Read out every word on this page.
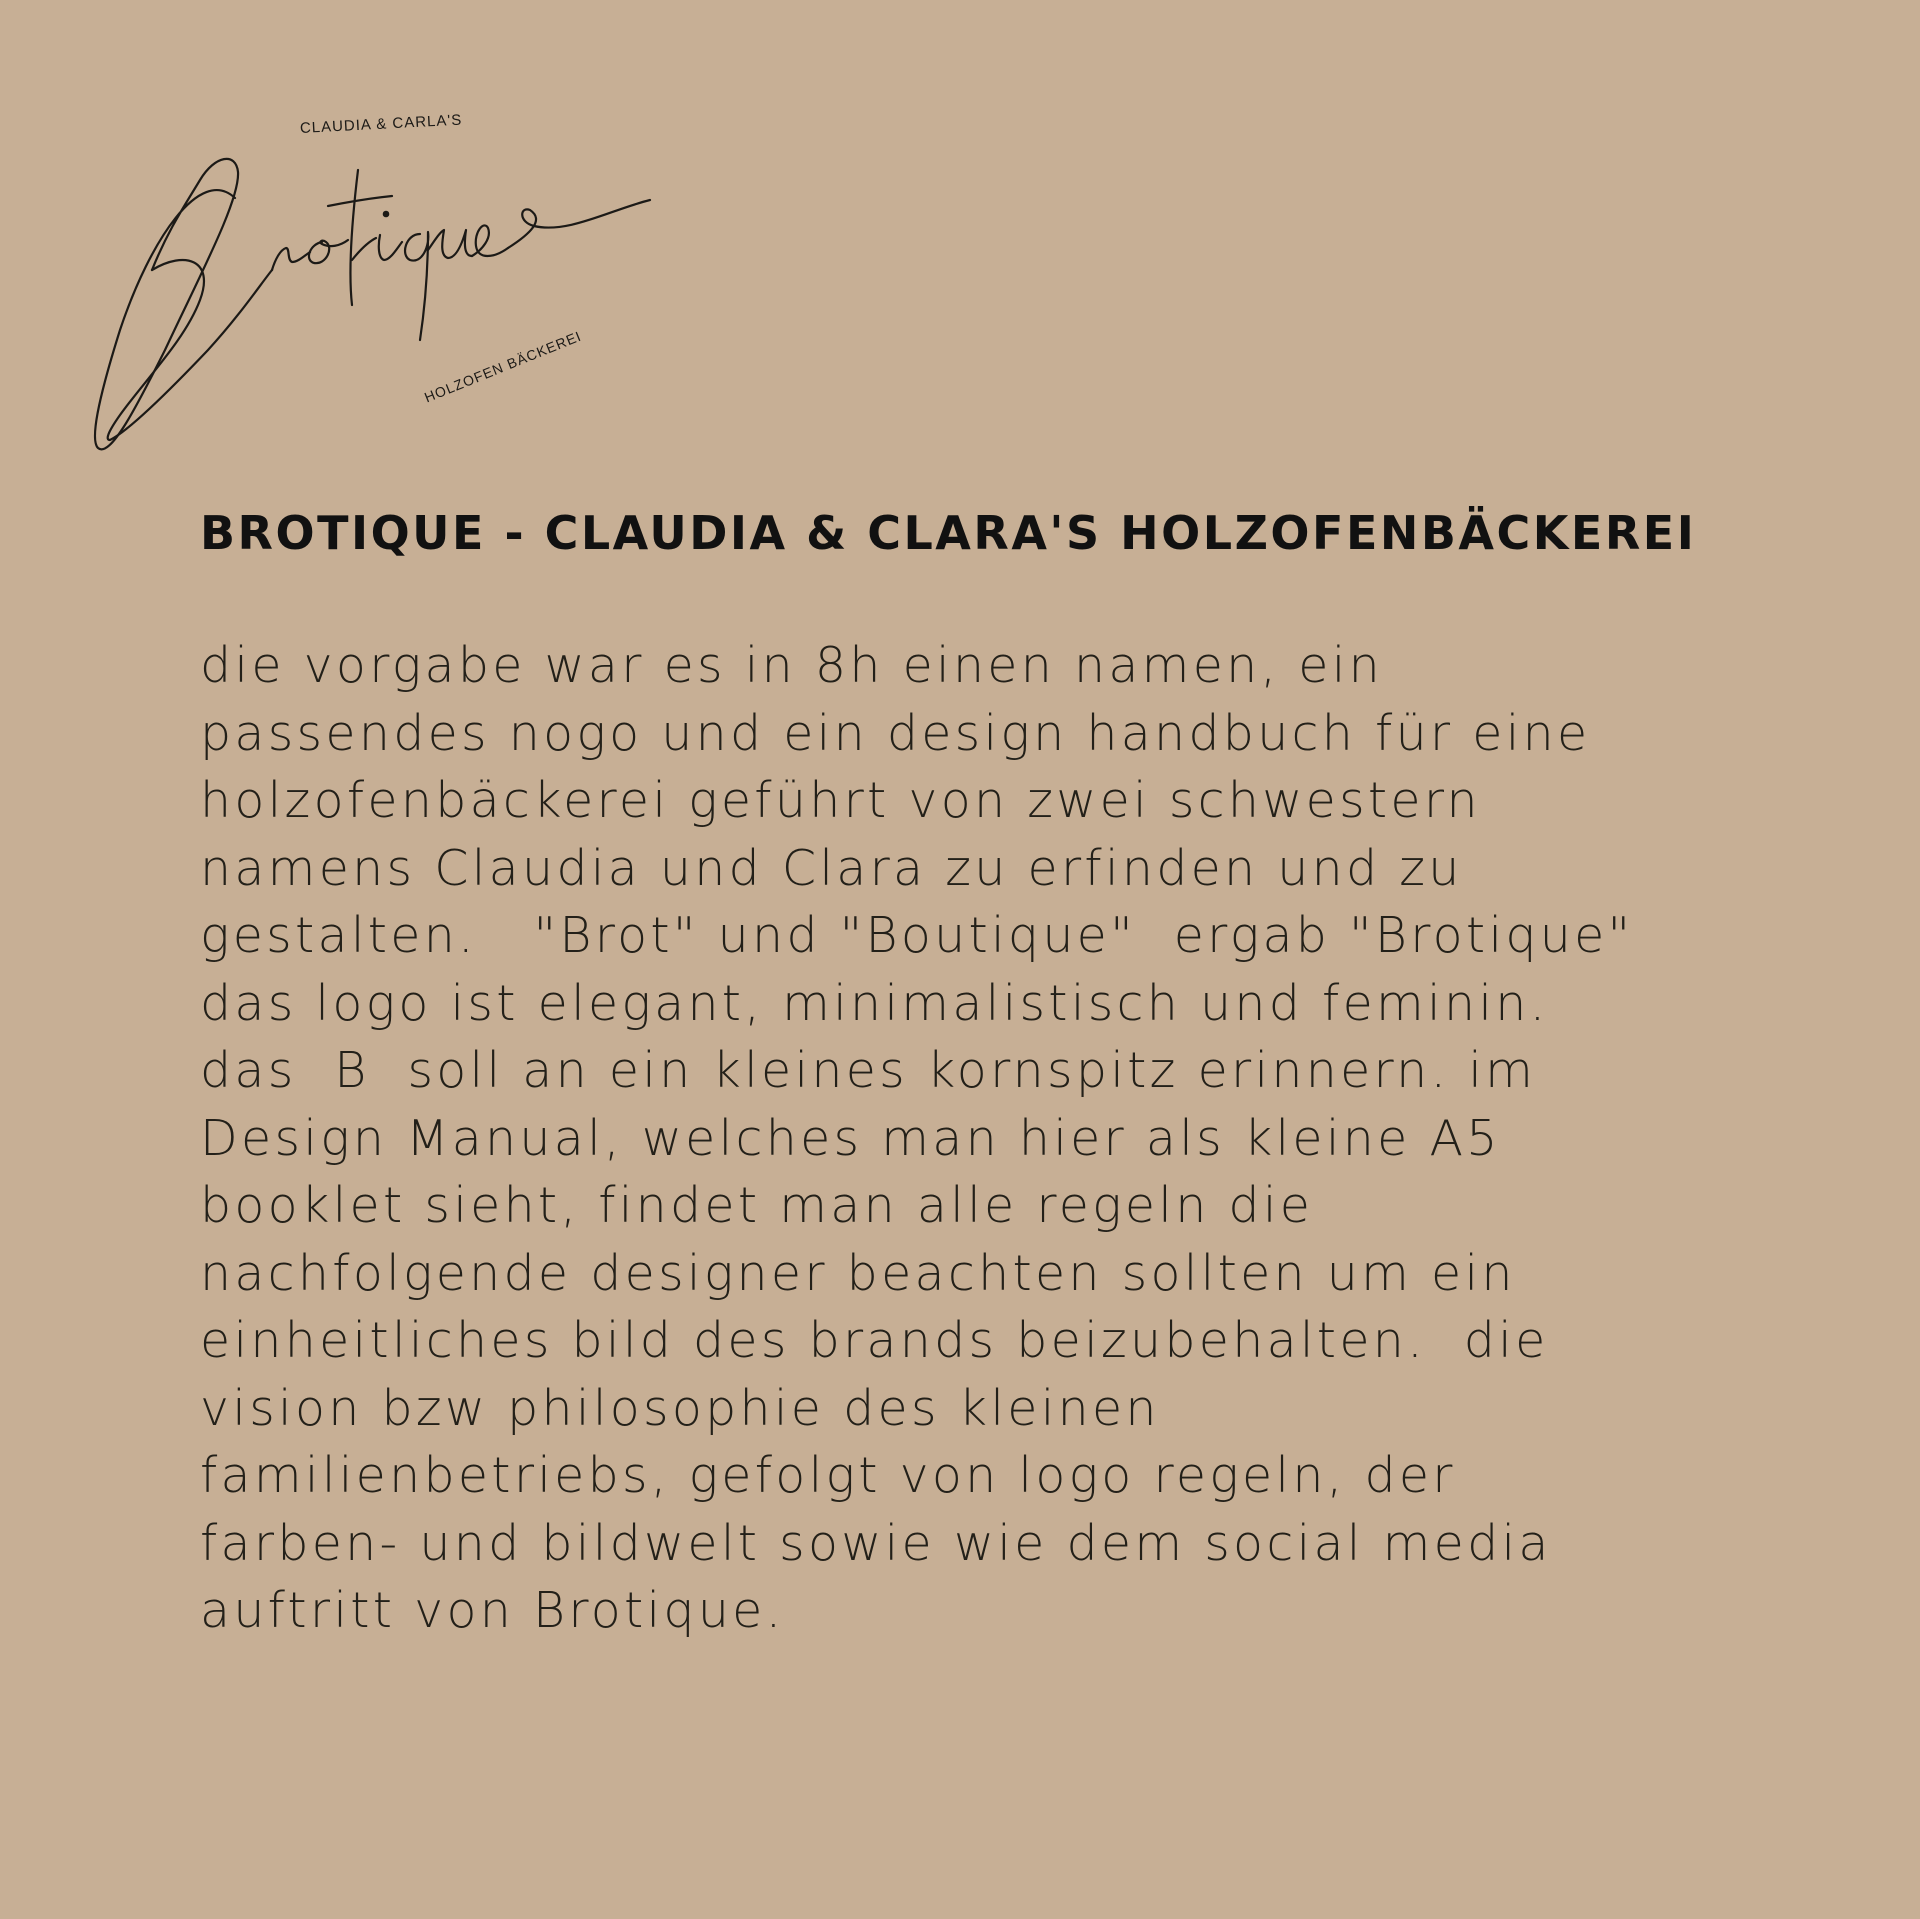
CLAUDIA & CARLA'S
HOLZOFEN BÄCKEREI
BROTIQUE - CLAUDIA & CLARA'S HOLZOFENBÄCKEREI
die vorgabe war es in 8h einen namen, ein
passendes nogo und ein design handbuch für eine
holzofenbäckerei geführt von zwei schwestern
namens Claudia und Clara zu erfinden und zu
gestalten.   "Brot" und "Boutique"  ergab "Brotique"
das logo ist elegant, minimalistisch und feminin.
das  B  soll an ein kleines kornspitz erinnern. im
Design Manual, welches man hier als kleine A5
booklet sieht, findet man alle regeln die
nachfolgende designer beachten sollten um ein
einheitliches bild des brands beizubehalten.  die
vision bzw philosophie des kleinen
familienbetriebs, gefolgt von logo regeln, der
farben- und bildwelt sowie wie dem social media
auftritt von Brotique.
